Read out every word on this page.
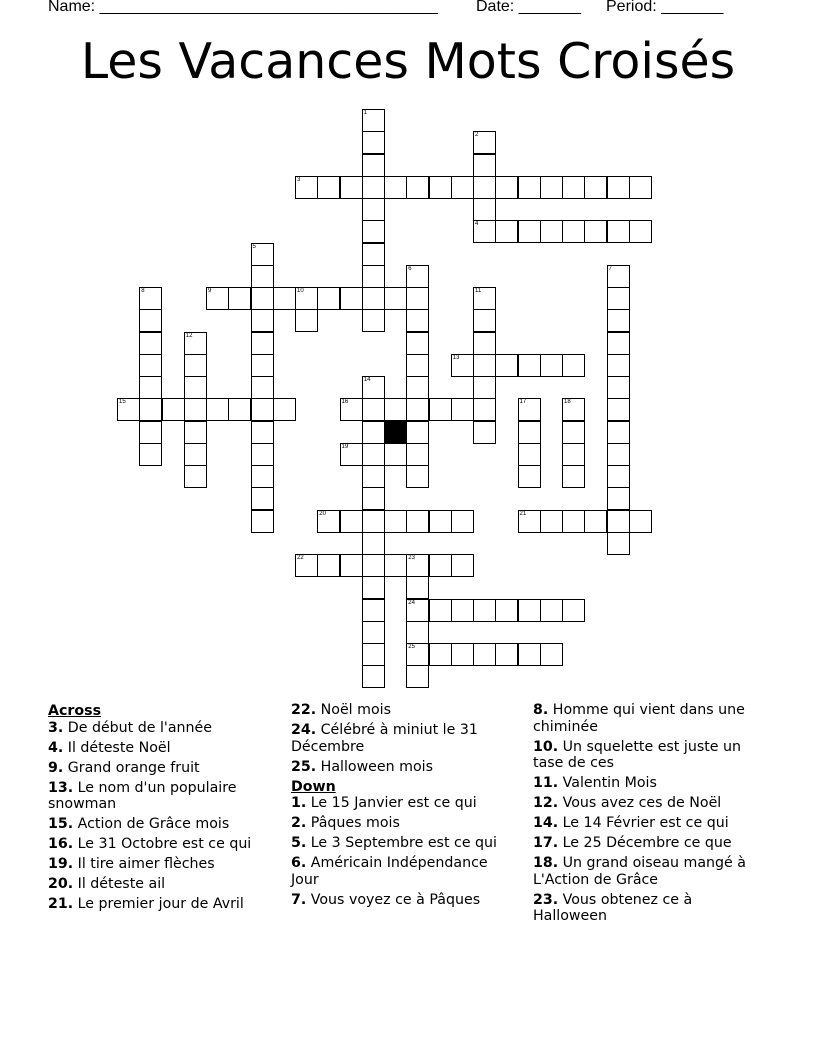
Name: ______________________________________ Date: _______ Period: _______
Les Vacances Mots Croisés
1
2
4
3
5
6	7
8	9	10	11
12
13
14
15	16	17	18
19
20	21
22	23
24
25
Across
3. De début de l'année
4. Il déteste Noël
9. Grand orange fruit
13. Le nom d'un populaire snowman
15. Action de Grâce mois
16. Le 31 Octobre est ce qui
19. Il tire aimer flèches
20. Il déteste ail
21. Le premier jour de Avril
22. Noël mois
24. Célébré à miniut le 31 Décembre
25. Halloween mois
Down
1. Le 15 Janvier est ce qui
2. Pâques mois
5. Le 3 Septembre est ce qui
6. Américain Indépendance Jour
7. Vous voyez ce à Pâques
8. Homme qui vient dans une chiminée
10. Un squelette est juste un tase de ces
11. Valentin Mois
12. Vous avez ces de Noël
14. Le 14 Février est ce qui
17. Le 25 Décembre ce que
18. Un grand oiseau mangé à L'Action de Grâce
23. Vous obtenez ce à Halloween
